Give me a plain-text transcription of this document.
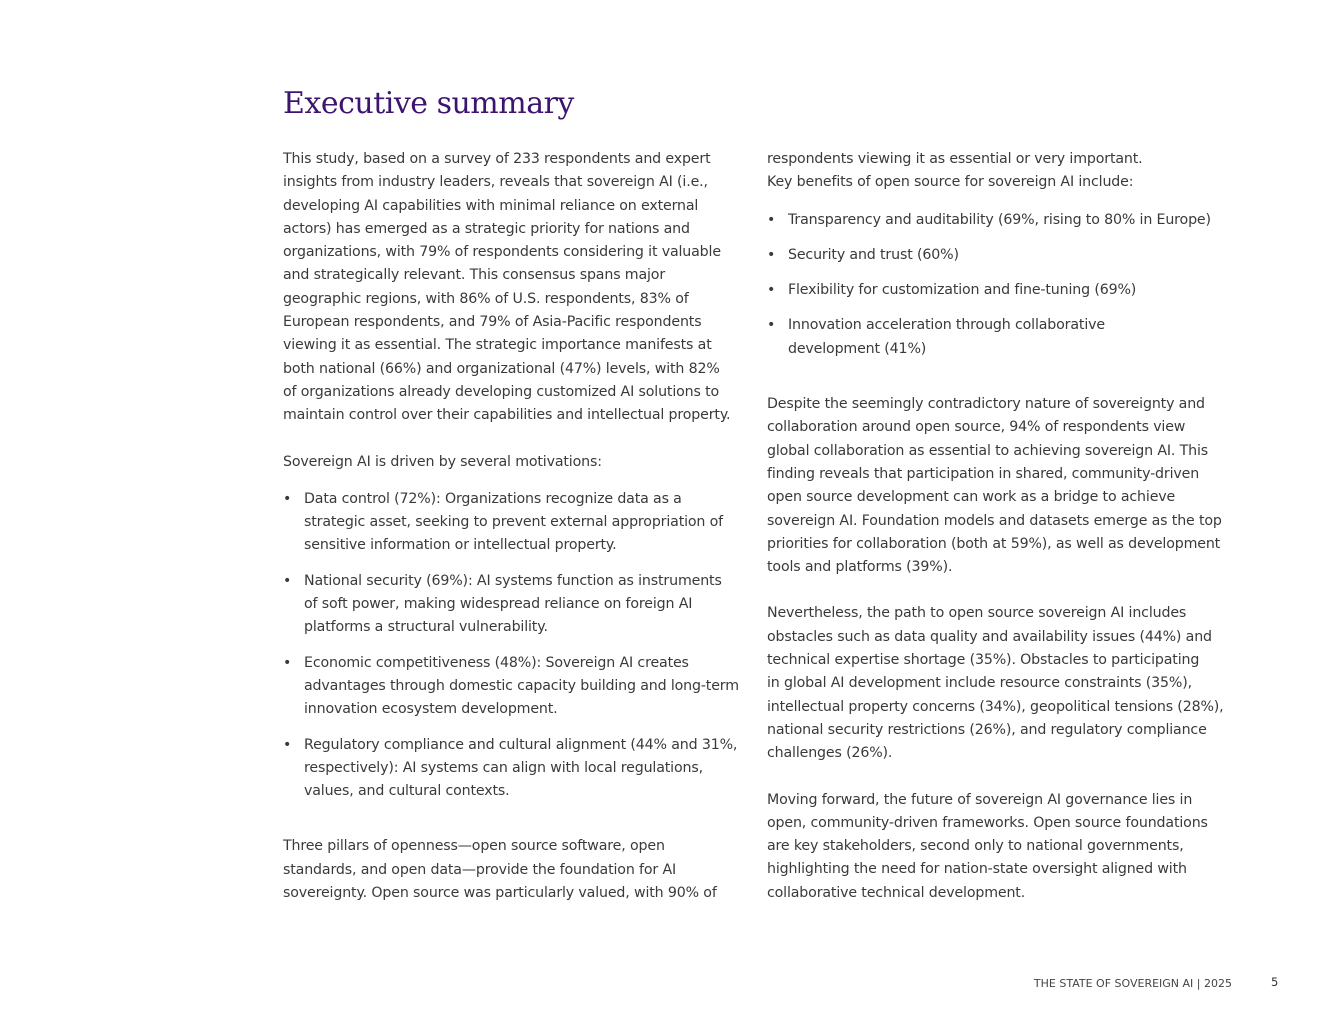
Executive summary

This study, based on a survey of 233 respondents and expert
insights from industry leaders, reveals that sovereign AI (i.e.,
developing AI capabilities with minimal reliance on external
actors) has emerged as a strategic priority for nations and
organizations, with 79% of respondents considering it valuable
and strategically relevant. This consensus spans major
geographic regions, with 86% of U.S. respondents, 83% of
European respondents, and 79% of Asia-Pacific respondents
viewing it as essential. The strategic importance manifests at
both national (66%) and organizational (47%) levels, with 82%
of organizations already developing customized AI solutions to
maintain control over their capabilities and intellectual property.

Sovereign AI is driven by several motivations:

• Data control (72%): Organizations recognize data as a
strategic asset, seeking to prevent external appropriation of
sensitive information or intellectual property.
• National security (69%): AI systems function as instruments
of soft power, making widespread reliance on foreign AI
platforms a structural vulnerability.
• Economic competitiveness (48%): Sovereign AI creates
advantages through domestic capacity building and long-term
innovation ecosystem development.
• Regulatory compliance and cultural alignment (44% and 31%,
respectively): AI systems can align with local regulations,
values, and cultural contexts.

Three pillars of openness—open source software, open
standards, and open data—provide the foundation for AI
sovereignty. Open source was particularly valued, with 90% of

respondents viewing it as essential or very important.
Key benefits of open source for sovereign AI include:

• Transparency and auditability (69%, rising to 80% in Europe)
• Security and trust (60%)
• Flexibility for customization and fine-tuning (69%)
• Innovation acceleration through collaborative
development (41%)

Despite the seemingly contradictory nature of sovereignty and
collaboration around open source, 94% of respondents view
global collaboration as essential to achieving sovereign AI. This
finding reveals that participation in shared, community-driven
open source development can work as a bridge to achieve
sovereign AI. Foundation models and datasets emerge as the top
priorities for collaboration (both at 59%), as well as development
tools and platforms (39%).

Nevertheless, the path to open source sovereign AI includes
obstacles such as data quality and availability issues (44%) and
technical expertise shortage (35%). Obstacles to participating
in global AI development include resource constraints (35%),
intellectual property concerns (34%), geopolitical tensions (28%),
national security restrictions (26%), and regulatory compliance
challenges (26%).

Moving forward, the future of sovereign AI governance lies in
open, community-driven frameworks. Open source foundations
are key stakeholders, second only to national governments,
highlighting the need for nation-state oversight aligned with
collaborative technical development.

THE STATE OF SOVEREIGN AI | 2025	5
